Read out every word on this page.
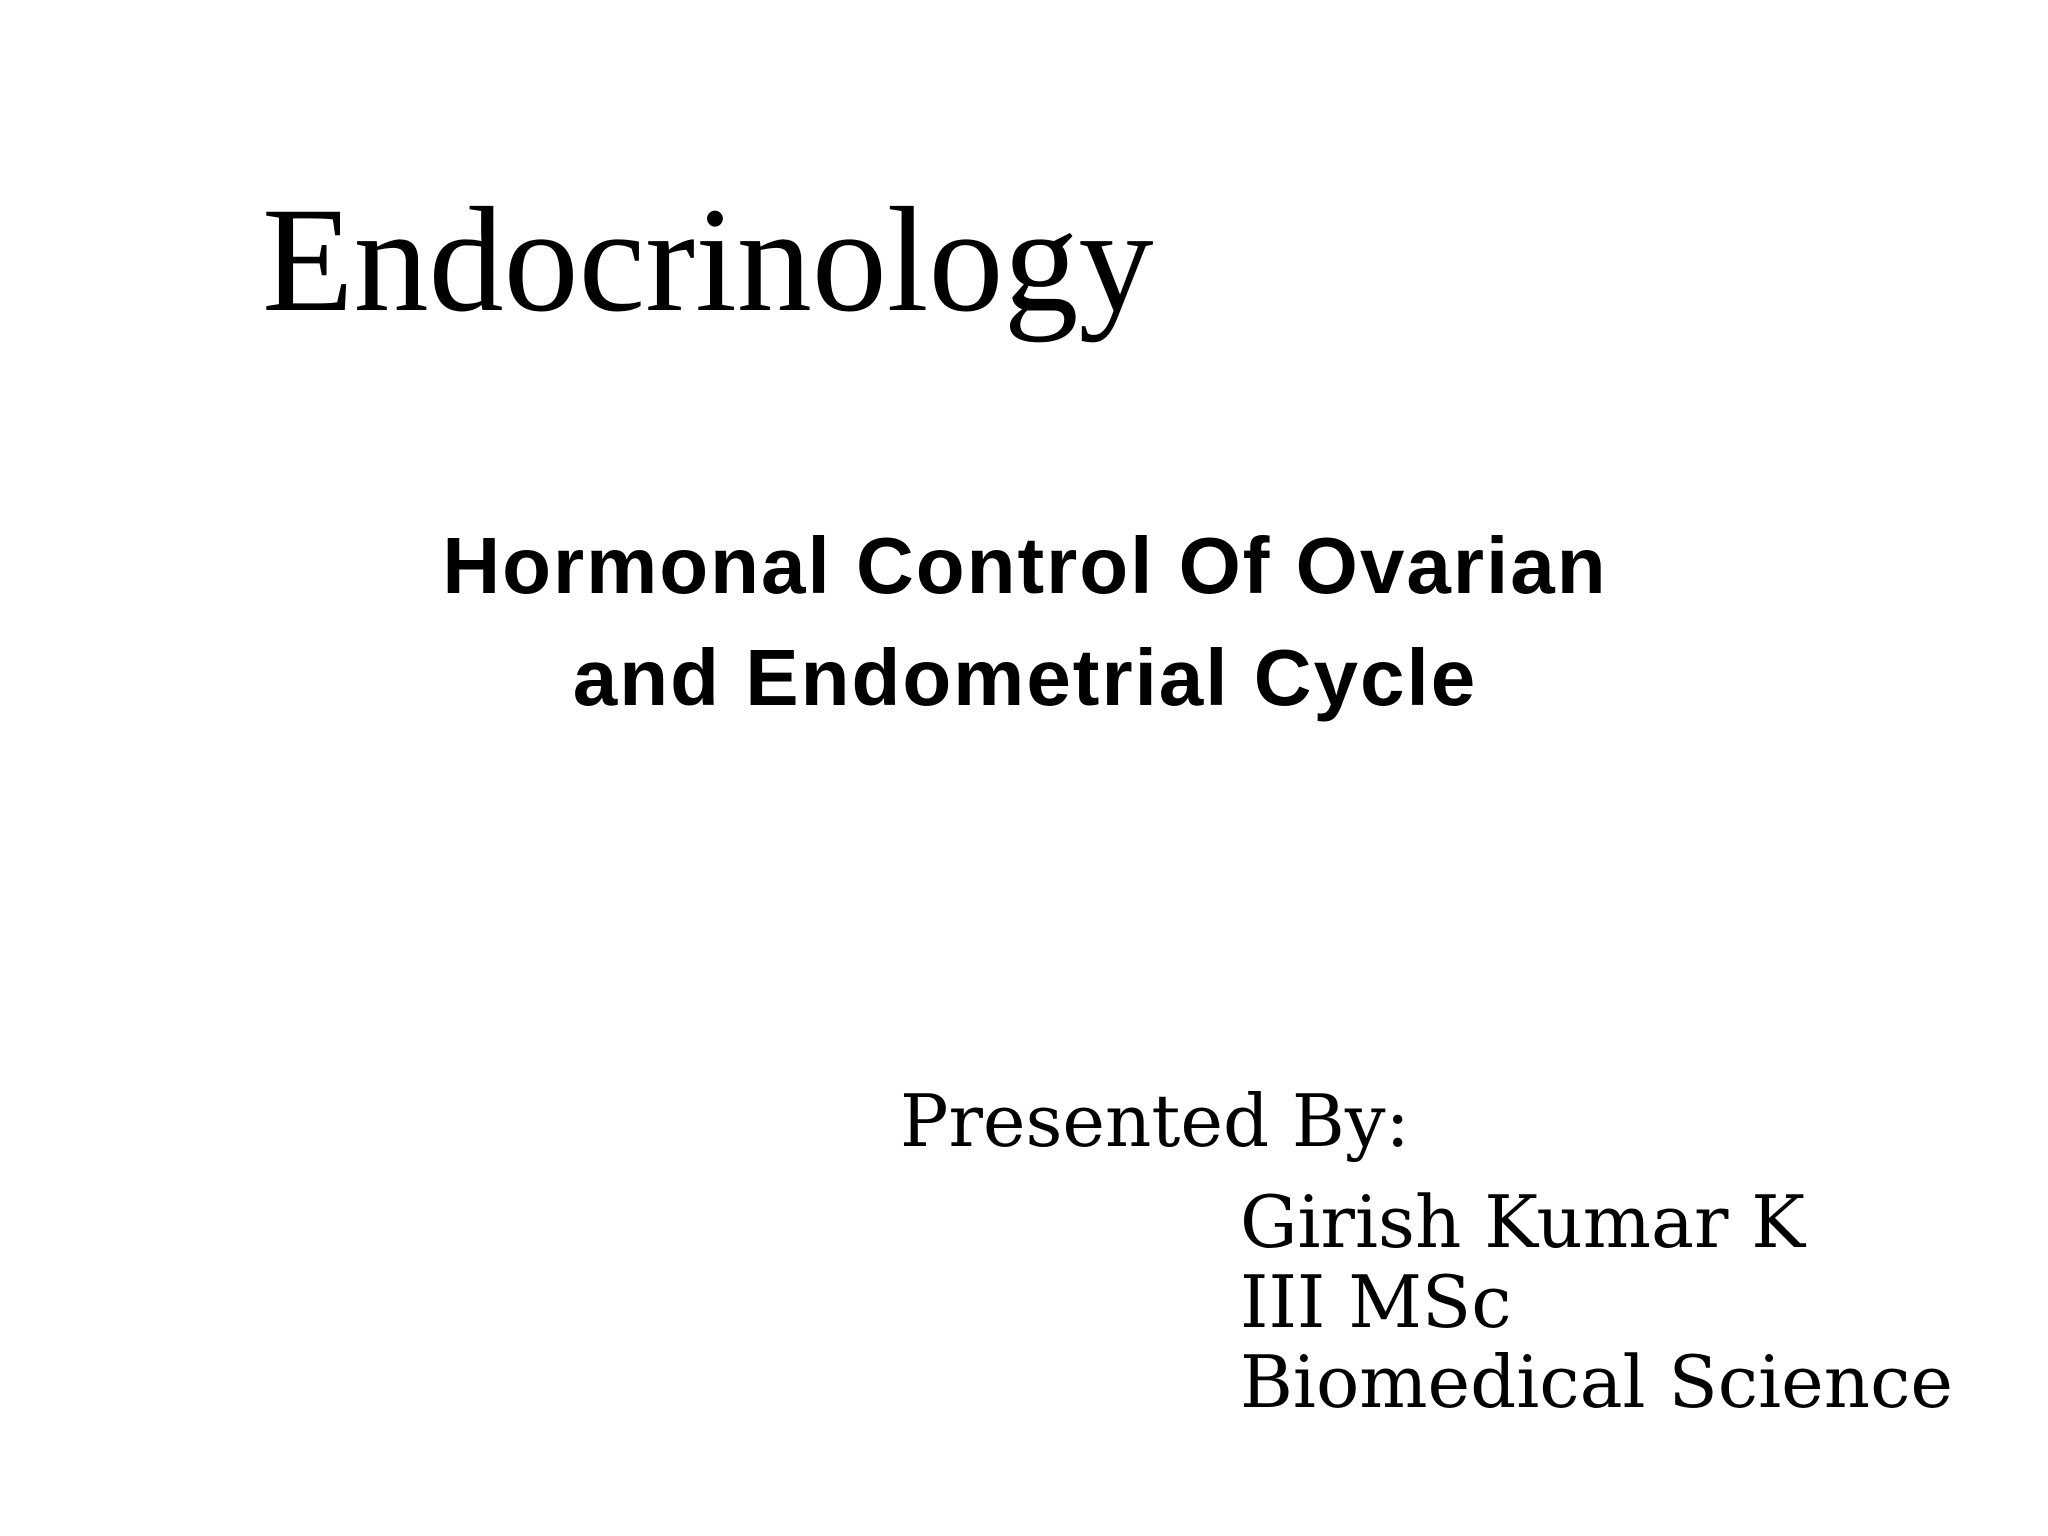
Endocrinology
Hormonal Control Of Ovarian
and Endometrial Cycle
Presented By:
Girish Kumar K
III MSc
Biomedical Science
